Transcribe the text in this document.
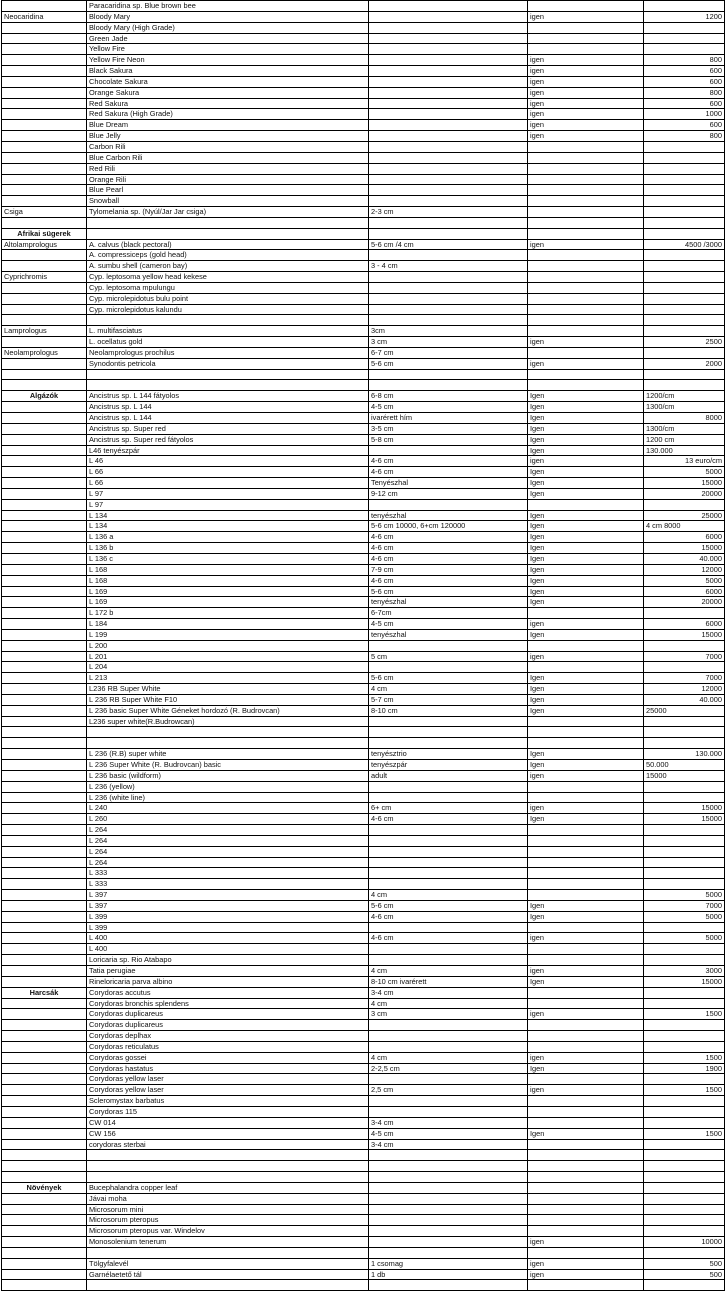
	Paracaridina sp. Blue brown bee			
Neocaridina	Bloody Mary		igen	1200
	Bloody Mary (High Grade)			
	Green Jade			
	Yellow Fire			
	Yellow Fire Neon		igen	800
	Black Sakura		igen	600
	Chocolate Sakura		igen	600
	Orange Sakura		igen	800
	Red Sakura		igen	600
	Red Sakura (High Grade)		igen	1000
	Blue Dream		igen	600
	Blue Jelly		igen	800
	Carbon Rili			
	Blue Carbon Rili			
	Red Rili			
	Orange Rili			
	Blue Pearl			
	Snowball			
Csiga	Tylomelania sp. (Nyúl/Jar Jar csiga)	2-3 cm		

Afrikai sügerek				
Altolamprologus	A. calvus (black pectoral)	5-6 cm /4 cm	igen	4500 /3000
	A. compressiceps (gold head)			
	A. sumbu shell (cameron bay)	3 - 4 cm		
Cyprichromis	Cyp. leptosoma yellow head kekese			
	Cyp. leptosoma mpulungu			
	Cyp. microlepidotus bulu point			
	Cyp. microlepidotus kalundu			

Lamprologus	L. multifasciatus	3cm		
	L. ocellatus gold	3 cm	igen	2500
Neolamprologus	Neolamprologus prochilus	6-7 cm		
	Synodontis petricola	5-6 cm	igen	2000

Algázók	Ancistrus sp. L 144 fátyolos	6-8 cm	Igen	1200/cm
	Ancistrus sp. L 144	4-5 cm	Igen	1300/cm
	Ancistrus sp. L 144	ivarérett hím	Igen	8000
	Ancistrus sp. Super red	3-5 cm	Igen	1300/cm
	Ancistrus sp. Super red fátyolos	5-8 cm	Igen	1200 cm
	L46 tenyészpár		Igen	130.000
	L 46	4-6 cm	igen	13 euro/cm
	L 66	4-6 cm	Igen	5000
	L 66	Tenyészhal	Igen	15000
	L 97	9-12 cm	Igen	20000
	L 97			
	L 134	tenyészhal	Igen	25000
	L 134	5-6 cm 10000, 6+cm 120000	Igen	4 cm 8000
	L 136 a	4-6 cm	Igen	6000
	L 136 b	4-6 cm	Igen	15000
	L 136 c	4-6 cm	Igen	40.000
	L 168	7-9 cm	Igen	12000
	L 168	4-6 cm	Igen	5000
	L 169	5-6 cm	Igen	6000
	L 169	tenyészhal	Igen	20000
	L 172 b	6-7cm		
	L 184	4-5 cm	igen	6000
	L 199	tenyészhal	Igen	15000
	L 200			
	L 201	5 cm	igen	7000
	L 204			
	L 213	5-6 cm	Igen	7000
	L236 RB Super White	4 cm	Igen	12000
	L 236 RB Super White F10	5-7 cm	Igen	40.000
	L 236 basic Super White Géneket hordozó (R. Budrovcan)	8-10 cm	Igen	25000
	L236 super white(R.Budrowcan)			

	L 236 (R.B) super white	tenyésztrio	Igen	130.000
	L 236 Super White (R. Budrovcan) basic	tenyészpár	Igen	50.000
	L 236 basic (wildform)	adult	igen	15000
	L 236 (yellow)			
	L 236 (white line)			
	L 240	6+ cm	igen	15000
	L 260	4-6 cm	Igen	15000
	L 264			
	L 264			
	L 264			
	L 264			
	L 333			
	L 333			
	L 397	4 cm		5000
	L 397	5-6 cm	Igen	7000
	L 399	4-6 cm	Igen	5000
	L 399			
	L 400	4-6 cm	igen	5000
	L 400			
	Loricaria sp. Rio Atabapo			
	Tatia perugiae	4 cm	igen	3000
	Rineloricaria parva albino	8-10 cm ivarérett	Igen	15000
Harcsák	Corydoras accutus	3-4 cm		
	Corydoras bronchis splendens	4 cm		
	Corydoras duplicareus	3 cm	igen	1500
	Corydoras duplicareus			
	Corydoras deplhax			
	Corydoras reticulatus			
	Corydoras gossei	4 cm	igen	1500
	Corydoras hastatus	2-2,5 cm	Igen	1900
	Corydoras yellow laser			
	Corydoras yellow laser	2,5 cm	igen	1500
	Scleromystax barbatus			
	Corydoras 115			
	CW 014	3-4 cm		
	CW 156	4-5 cm	Igen	1500
	corydoras sterbai	3-4 cm		

Növények	Bucephalandra copper leaf			
	Jávai moha			
	Microsorum mini			
	Microsorum pteropus			
	Microsorum pteropus var. Windelov			
	Monosolenium tenerum		igen	10000

	Tölgyfalevél	1 csomag	igen	500
	Garnélaetető tál	1 db	igen	500
